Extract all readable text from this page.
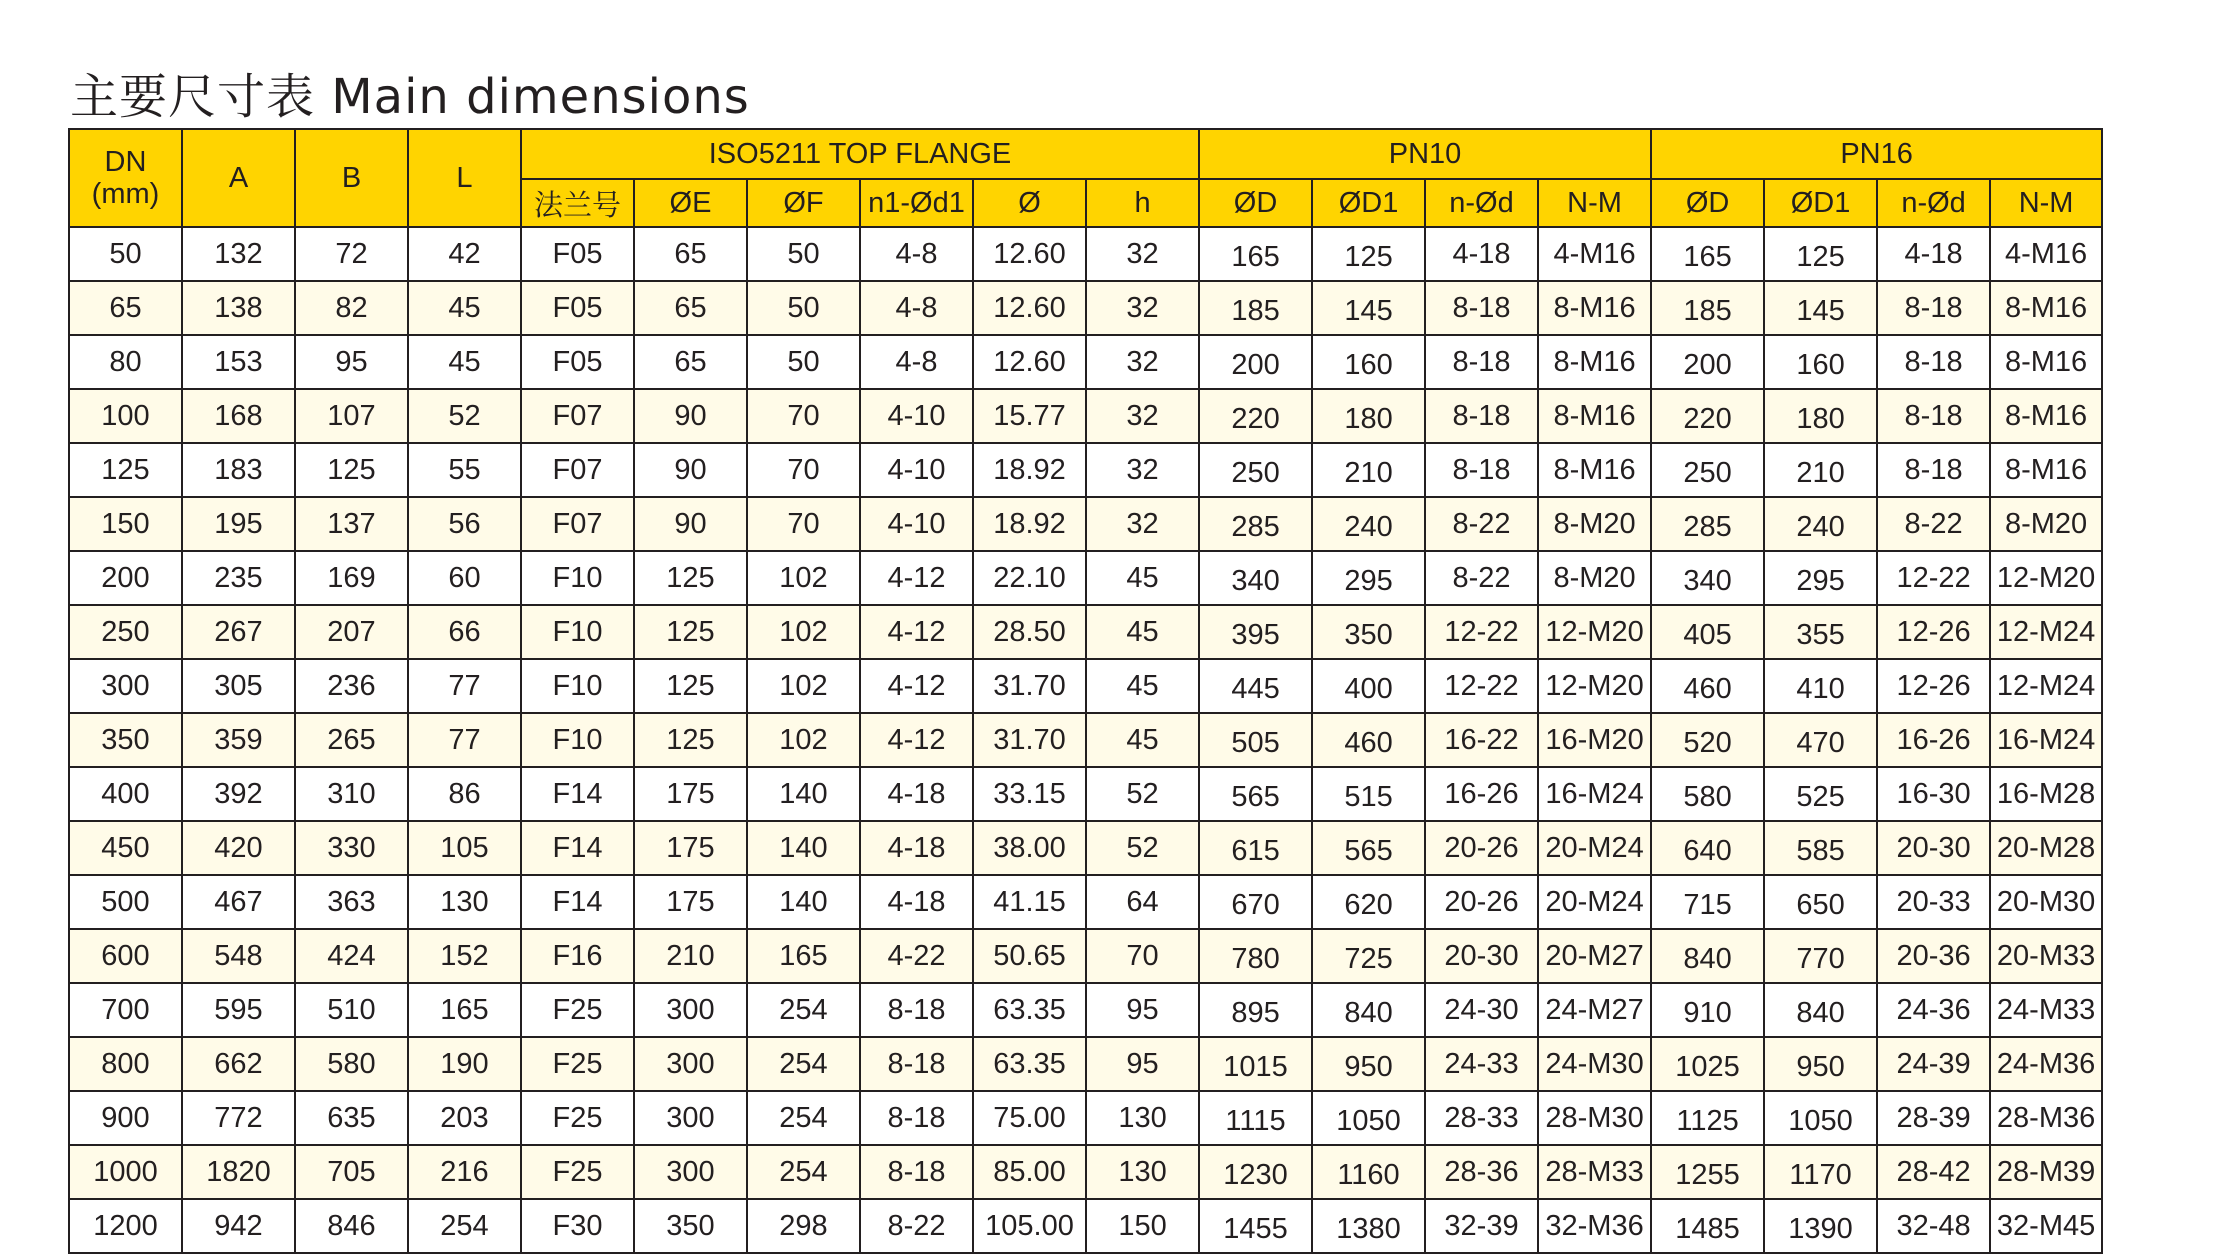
主要尺寸表 Main dimensions
DN
(mm)	A	B	L	ISO5211 TOP FLANGE						PN10				PN16			
				法兰号	ØE	ØF	n1-Ød1	Ø	h	ØD	ØD1	n-Ød	N-M	ØD	ØD1	n-Ød	N-M
50	132	72	42	F05	65	50	4-8	12.60	32	165	125	4-18	4-M16	165	125	4-18	4-M16
65	138	82	45	F05	65	50	4-8	12.60	32	185	145	8-18	8-M16	185	145	8-18	8-M16
80	153	95	45	F05	65	50	4-8	12.60	32	200	160	8-18	8-M16	200	160	8-18	8-M16
100	168	107	52	F07	90	70	4-10	15.77	32	220	180	8-18	8-M16	220	180	8-18	8-M16
125	183	125	55	F07	90	70	4-10	18.92	32	250	210	8-18	8-M16	250	210	8-18	8-M16
150	195	137	56	F07	90	70	4-10	18.92	32	285	240	8-22	8-M20	285	240	8-22	8-M20
200	235	169	60	F10	125	102	4-12	22.10	45	340	295	8-22	8-M20	340	295	12-22	12-M20
250	267	207	66	F10	125	102	4-12	28.50	45	395	350	12-22	12-M20	405	355	12-26	12-M24
300	305	236	77	F10	125	102	4-12	31.70	45	445	400	12-22	12-M20	460	410	12-26	12-M24
350	359	265	77	F10	125	102	4-12	31.70	45	505	460	16-22	16-M20	520	470	16-26	16-M24
400	392	310	86	F14	175	140	4-18	33.15	52	565	515	16-26	16-M24	580	525	16-30	16-M28
450	420	330	105	F14	175	140	4-18	38.00	52	615	565	20-26	20-M24	640	585	20-30	20-M28
500	467	363	130	F14	175	140	4-18	41.15	64	670	620	20-26	20-M24	715	650	20-33	20-M30
600	548	424	152	F16	210	165	4-22	50.65	70	780	725	20-30	20-M27	840	770	20-36	20-M33
700	595	510	165	F25	300	254	8-18	63.35	95	895	840	24-30	24-M27	910	840	24-36	24-M33
800	662	580	190	F25	300	254	8-18	63.35	95	1015	950	24-33	24-M30	1025	950	24-39	24-M36
900	772	635	203	F25	300	254	8-18	75.00	130	1115	1050	28-33	28-M30	1125	1050	28-39	28-M36
1000	1820	705	216	F25	300	254	8-18	85.00	130	1230	1160	28-36	28-M33	1255	1170	28-42	28-M39
1200	942	846	254	F30	350	298	8-22	105.00	150	1455	1380	32-39	32-M36	1485	1390	32-48	32-M45
